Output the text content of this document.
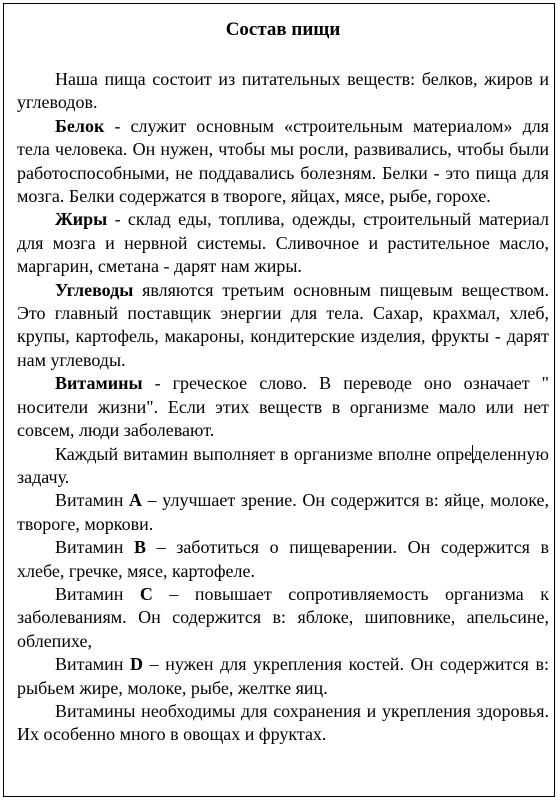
Состав пищи

Наша пища состоит из питательных веществ: белков, жиров и углеводов.

Белок - служит основным «строительным материалом» для тела человека. Он нужен, чтобы мы росли, развивались, чтобы были работоспособными, не поддавались болезням. Белки - это пища для мозга. Белки содержатся в твороге, яйцах, мясе, рыбе, горохе.

Жиры - склад еды, топлива, одежды, строительный материал для мозга и нервной системы. Сливочное и растительное масло, маргарин, сметана - дарят нам жиры.

Углеводы являются третьим основным пищевым веществом. Это главный поставщик энергии для тела. Сахар, крахмал, хлеб, крупы, картофель, макароны, кондитерские изделия, фрукты - дарят нам углеводы.

Витамины - греческое слово. В переводе оно означает " носители жизни". Если этих веществ в организме мало или нет совсем, люди заболевают.

Каждый витамин выполняет в организме вполне определенную задачу.

Витамин А – улучшает зрение. Он содержится в: яйце, молоке, твороге, моркови.

Витамин В – заботиться о пищеварении. Он содержится в хлебе, гречке, мясе, картофеле.

Витамин С – повышает сопротивляемость организма к заболеваниям. Он содержится в: яблоке, шиповнике, апельсине, облепихе,

Витамин D – нужен для укрепления костей. Он содержится в: рыбьем жире, молоке, рыбе, желтке яиц.

Витамины необходимы для сохранения и укрепления здоровья. Их особенно много в овощах и фруктах.
